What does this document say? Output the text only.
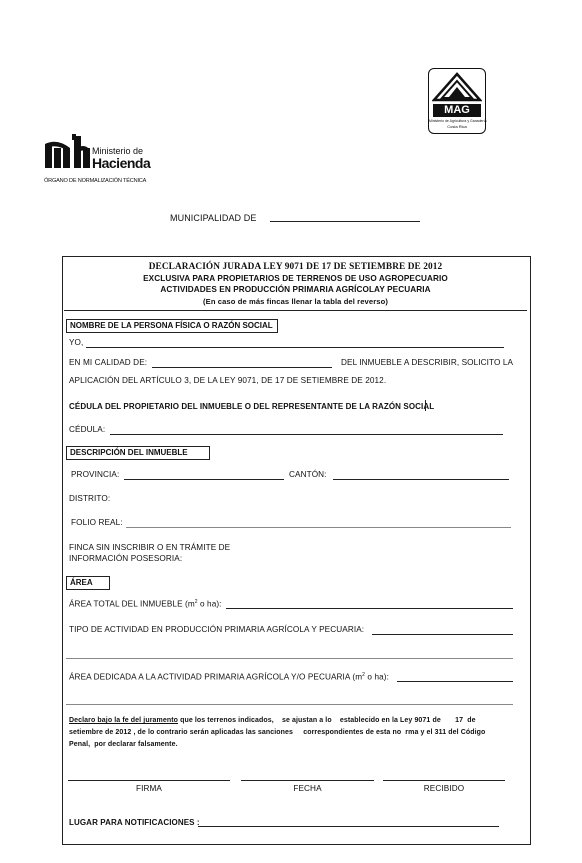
Ministerio de
Hacienda
ÓRGANO DE NORMALIZACIÓN TÉCNICA
MAG
Ministerio de Agricultura y Ganadería
Costa Rica
MUNICIPALIDAD DE
DECLARACIÓN JURADA LEY 9071 DE 17 DE SETIEMBRE DE 2012
EXCLUSIVA PARA PROPIETARIOS DE TERRENOS DE USO AGROPECUARIO
ACTIVIDADES EN PRODUCCIÓN PRIMARIA AGRÍCOLAY PECUARIA
(En caso de más fincas llenar la tabla del reverso)
NOMBRE DE LA PERSONA FÍSICA O RAZÓN SOCIAL
YO,
EN MI CALIDAD DE:	DEL INMUEBLE A DESCRIBIR, SOLICITO LA
APLICACIÓN DEL ARTÍCULO 3, DE LA LEY 9071, DE 17 DE SETIEMBRE DE 2012.
CÉDULA DEL PROPIETARIO DEL INMUEBLE O DEL REPRESENTANTE DE LA RAZÓN SOCIAL
CÉDULA:
DESCRIPCIÓN DEL INMUEBLE
PROVINCIA:	CANTÓN:
DISTRITO:
FOLIO REAL:
FINCA SIN INSCRIBIR O EN TRÁMITE DE
INFORMACIÓN POSESORIA:
ÁREA
ÁREA TOTAL DEL INMUEBLE ($m^2$ o ha):
TIPO DE ACTIVIDAD EN PRODUCCIÓN PRIMARIA AGRÍCOLA Y PECUARIA:
ÁREA DEDICADA A LA ACTIVIDAD PRIMARIA AGRÍCOLA Y/O PECUARIA ($m^2$ o ha):
Declaro bajo la fe del juramento que los terrenos indicados,    se ajustan a lo    establecido en la Ley 9071 de       17  de
setiembre de 2012 , de lo contrario serán aplicadas las sanciones     correspondientes de esta no  rma y el 311 del Código
Penal,  por declarar falsamente.
FIRMA	FECHA	RECIBIDO
LUGAR PARA NOTIFICACIONES :
